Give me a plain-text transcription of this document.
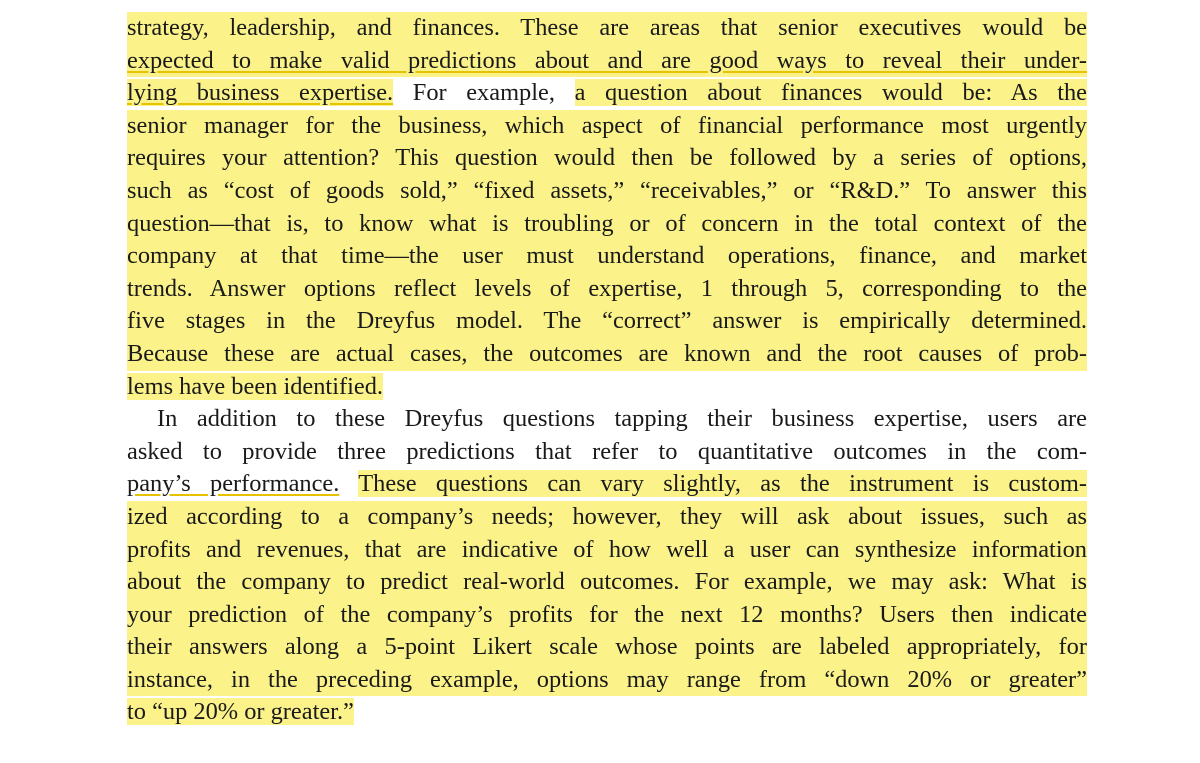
strategy, leadership, and finances. These are areas that senior executives would be
expected to make valid predictions about and are good ways to reveal their under-
lying business expertise. For example, a question about finances would be: As the
senior manager for the business, which aspect of financial performance most urgently
requires your attention? This question would then be followed by a series of options,
such as “cost of goods sold,” “fixed assets,” “receivables,” or “R&D.” To answer this
question—that is, to know what is troubling or of concern in the total context of the
company at that time—the user must understand operations, finance, and market
trends. Answer options reflect levels of expertise, 1 through 5, corresponding to the
five stages in the Dreyfus model. The “correct” answer is empirically determined.
Because these are actual cases, the outcomes are known and the root causes of prob-
lems have been identified.
In addition to these Dreyfus questions tapping their business expertise, users are
asked to provide three predictions that refer to quantitative outcomes in the com-
pany’s performance. These questions can vary slightly, as the instrument is custom-
ized according to a company’s needs; however, they will ask about issues, such as
profits and revenues, that are indicative of how well a user can synthesize information
about the company to predict real-world outcomes. For example, we may ask: What is
your prediction of the company’s profits for the next 12 months? Users then indicate
their answers along a 5-point Likert scale whose points are labeled appropriately, for
instance, in the preceding example, options may range from “down 20% or greater”
to “up 20% or greater.”
